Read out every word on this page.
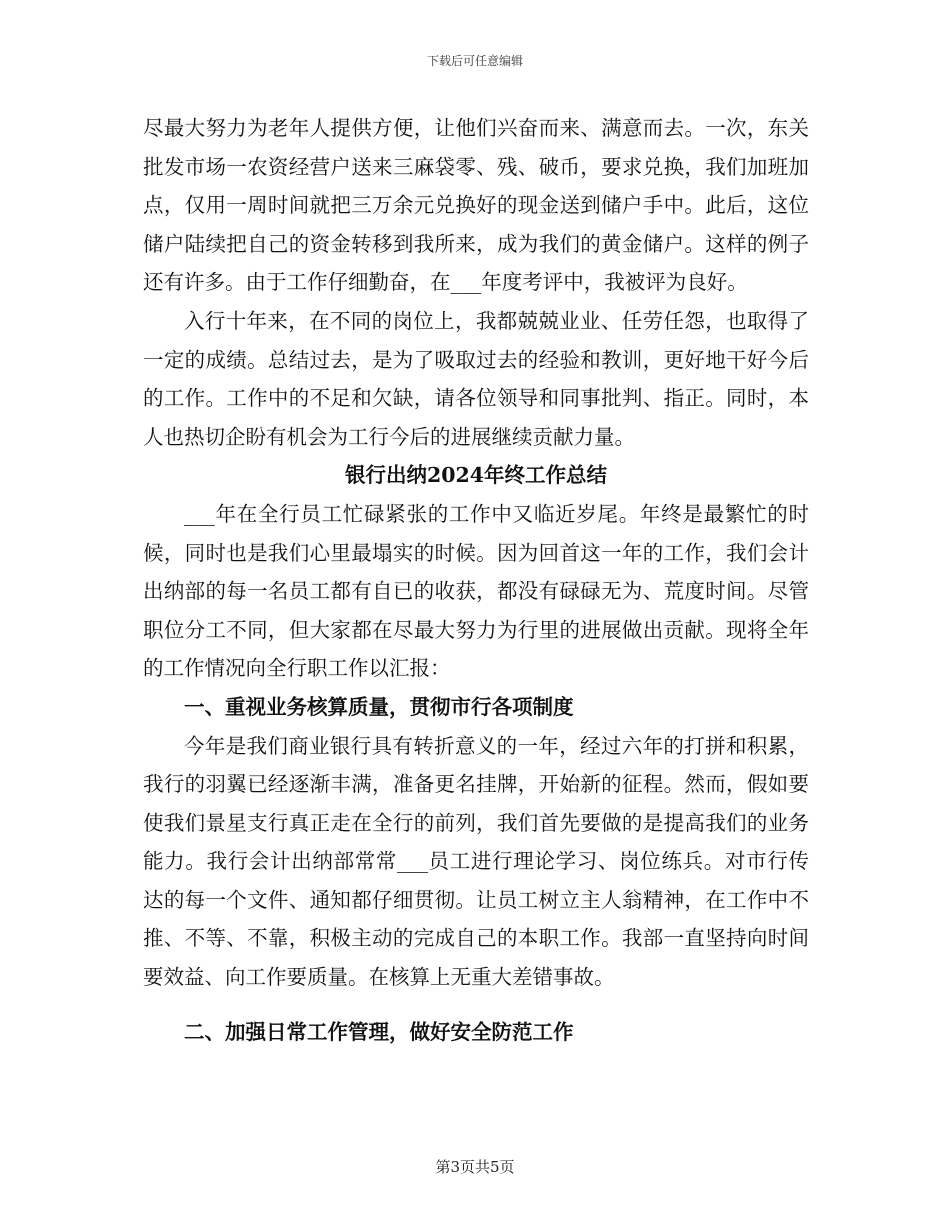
下载后可任意编辑

尽最大努力为老年人提供方便，让他们兴奋而来、满意而去。一次，东关批发市场一农资经营户送来三麻袋零、残、破币，要求兑换，我们加班加点，仅用一周时间就把三万余元兑换好的现金送到储户手中。此后，这位储户陆续把自己的资金转移到我所来，成为我们的黄金储户。这样的例子还有许多。由于工作仔细勤奋，在___年度考评中，我被评为良好。

入行十年来，在不同的岗位上，我都兢兢业业、任劳任怨，也取得了一定的成绩。总结过去，是为了吸取过去的经验和教训，更好地干好今后的工作。工作中的不足和欠缺，请各位领导和同事批判、指正。同时，本人也热切企盼有机会为工行今后的进展继续贡献力量。

银行出纳2024年终工作总结

___年在全行员工忙碌紧张的工作中又临近岁尾。年终是最繁忙的时候，同时也是我们心里最塌实的时候。因为回首这一年的工作，我们会计出纳部的每一名员工都有自已的收获，都没有碌碌无为、荒度时间。尽管职位分工不同，但大家都在尽最大努力为行里的进展做出贡献。现将全年的工作情况向全行职工作以汇报：

一、重视业务核算质量，贯彻市行各项制度

今年是我们商业银行具有转折意义的一年，经过六年的打拼和积累，我行的羽翼已经逐渐丰满，准备更名挂牌，开始新的征程。然而，假如要使我们景星支行真正走在全行的前列，我们首先要做的是提高我们的业务能力。我行会计出纳部常常___员工进行理论学习、岗位练兵。对市行传达的每一个文件、通知都仔细贯彻。让员工树立主人翁精神，在工作中不推、不等、不靠，积极主动的完成自己的本职工作。我部一直坚持向时间要效益、向工作要质量。在核算上无重大差错事故。

二、加强日常工作管理，做好安全防范工作

第3页共5页
